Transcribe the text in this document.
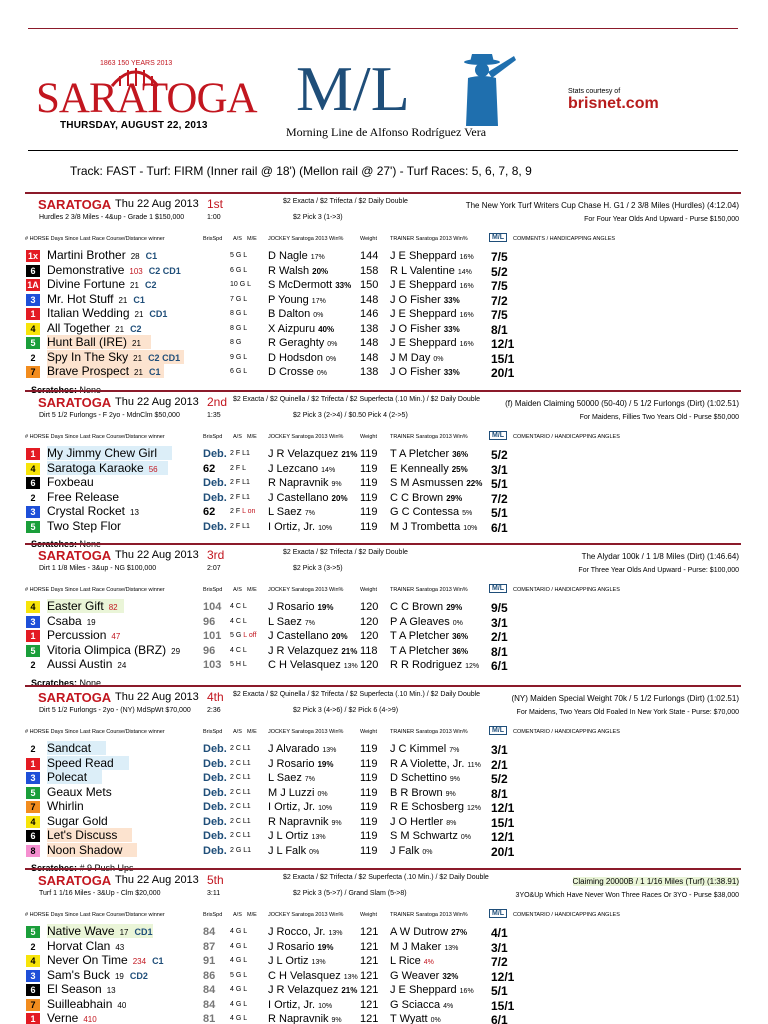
1863 150 YEARS 2013
SARATOGA
THURSDAY, AUGUST 22, 2013
M/L
Morning Line de Alfonso Rodríguez Vera
Stats courtesy of
brisnet.com
Track: FAST - Turf: FIRM (Inner rail @ 18') (Mellon rail @ 27') - Turf Races: 5, 6, 7, 8, 9
SARATOGA Thu 22 Aug 2013 1st
Hurdles 2 3/8 Miles - 4&up - Grade 1 $150,000	1:00
$2 Exacta / $2 Trifecta / $2 Daily Double
$2 Pick 3 (1->3)
The New York Turf Writers Cup Chase H. G1 / 2 3/8 Miles (Hurdles) (4:12.04)
For Four Year Olds And Upward - Purse $150,000
# HORSE Days Since Last Race Course/Distance winner	BrisSpd A/S M/E JOCKEY Saratoga 2013 Win%	Weight TRAINER Saratoga 2013 Win%	M/L	COMMENTS / HANDICAPPING ANGLES
1x Martini Brother 28 C1	5 G L D Nagle 17%	144 J E Sheppard 16% 7/5
6 Demonstrative 103 C2 CD1	6 G L R Walsh 20%	158 R L Valentine 14% 5/2
1A Divine Fortune 21 C2	10 G L S McDermott 33% 150 J E Sheppard 16% 7/5
3 Mr. Hot Stuff 21 C1	7 G L P Young 17%	148 J O Fisher 33%	7/2
1 Italian Wedding 21 CD1	8 G L B Dalton 0%	146 J E Sheppard 16% 7/5
4 All Together 21 C2	8 G L X Aizpuru 40% 138 J O Fisher 33%	8/1
5 Hunt Ball (IRE) 21	8 G R Geraghty 0% 148 J E Sheppard 16% 12/1
2 Spy In The Sky 21 C2 CD1	9 G L D Hodsdon 0% 148 J M Day 0%	15/1
7 Brave Prospect 21 C1	6 G L D Crosse 0%	138 J O Fisher 33%	20/1
Scratches: None
SARATOGA Thu 22 Aug 2013 2nd
Dirt 5 1/2 Furlongs - F 2yo - MdnClm $50,000	1:35
$2 Exacta / $2 Quinella / $2 Trifecta / $2 Superfecta (.10 Min.) / $2 Daily Double
$2 Pick 3 (2->4) / $0.50 Pick 4 (2->5)
(f) Maiden Claiming 50000 (50-40) / 5 1/2 Furlongs (Dirt) (1:02.51)
For Maidens, Fillies Two Years Old - Purse $50,000
# HORSE Days Since Last Race Course/Distance winner	BrisSpd A/S M/E JOCKEY Saratoga 2013 Win%	Weight TRAINER Saratoga 2013 Win%	M/L	COMENTARIO / HANDICAPPING ANGLES
1 My Jimmy Chew Girl	Deb. 2 F L1 J R Velazquez 21% 119 T A Pletcher 36% 5/2
4 Saratoga Karaoke 56	62 2 F L J Lezcano 14% 119 E Kenneally 25% 3/1
6 Foxbeau	Deb. 2 F L1 R Napravnik 9% 119 S M Asmussen 22% 5/1
2 Free Release	Deb. 2 F L1 J Castellano 20% 119 C C Brown 29% 7/2
3 Crystal Rocket 13	62 2 F L on L Saez 7%	119 G C Contessa 5% 5/1
5 Two Step Flor	Deb. 2 F L1 I Ortiz, Jr. 10%	119 M J Trombetta 10% 6/1
Scratches: None
SARATOGA Thu 22 Aug 2013 3rd
Dirt 1 1/8 Miles - 3&up - NG $100,000	2:07
$2 Exacta / $2 Trifecta / $2 Daily Double
$2 Pick 3 (3->5)
The Alydar 100k / 1 1/8 Miles (Dirt) (1:46.64)
For Three Year Olds And Upward - Purse: $100,000
# HORSE Days Since Last Race Course/Distance winner	BrisSpd A/S M/E JOCKEY Saratoga 2013 Win%	Weight TRAINER Saratoga 2013 Win%	M/L	COMENTARIO / HANDICAPPING ANGLES
4 Easter Gift 82	104 4 C L J Rosario 19% 120 C C Brown 29% 9/5
3 Csaba 19	96 4 C L L Saez 7%	120 P A Gleaves 0% 3/1
1 Percussion 47	101 5 G L off J Castellano 20% 120 T A Pletcher 36% 2/1
5 Vitoria Olimpica (BRZ) 29	96 4 C L J R Velazquez 21% 118 T A Pletcher 36% 8/1
2 Aussi Austin 24	103 5 H L C H Velasquez 13% 120 R R Rodriguez 12% 6/1
Scratches: None
SARATOGA Thu 22 Aug 2013 4th
Dirt 5 1/2 Furlongs - 2yo - (NY) MdSpWt $70,000 2:36
$2 Exacta / $2 Quinella / $2 Trifecta / $2 Superfecta (.10 Min.) / $2 Daily Double
$2 Pick 3 (4->6) / $2 Pick 6 (4->9)
(NY) Maiden Special Weight 70k / 5 1/2 Furlongs (Dirt) (1:02.51)
For Maidens, Two Years Old Foaled In New York State - Purse: $70,000
# HORSE Days Since Last Race Course/Distance winner	BrisSpd A/S M/E JOCKEY Saratoga 2013 Win%	Weight TRAINER Saratoga 2013 Win%	M/L	COMENTARIO / HANDICAPPING ANGLES
2 Sandcat	Deb. 2 C L1 J Alvarado 13% 119 J C Kimmel 7%	3/1
1 Speed Read	Deb. 2 C L1 J Rosario 19% 119 R A Violette, Jr. 11% 2/1
3 Polecat	Deb. 2 C L1 L Saez 7%	119 D Schettino 9%	5/2
5 Geaux Mets	Deb. 2 C L1 M J Luzzi 0%	119 B R Brown 9%	8/1
7 Whirlin	Deb. 2 C L1 I Ortiz, Jr. 10%	119 R E Schosberg 12% 12/1
4 Sugar Gold	Deb. 2 C L1 R Napravnik 9% 119 J O Hertler 8%	15/1
6 Let's Discuss	Deb. 2 C L1 J L Ortiz 13%	119 S M Schwartz 0% 12/1
8 Noon Shadow	Deb. 2 G L1 J L Falk 0%	119 J Falk 0%	20/1
Scratches: # 9 Push Ups
SARATOGA Thu 22 Aug 2013 5th
Turf 1 1/16 Miles - 3&Up - Clm $20,000	3:11
$2 Exacta / $2 Trifecta / $2 Superfecta (.10 Min.) / $2 Daily Double
$2 Pick 3 (5->7) / Grand Slam (5->8)
Claiming 20000B / 1 1/16 Miles (Turf) (1:38.91)
3YO&Up Which Have Never Won Three Races Or 3YO - Purse $38,000
# HORSE Days Since Last Race Course/Distance winner	BrisSpd A/S M/E JOCKEY Saratoga 2013 Win%	Weight TRAINER Saratoga 2013 Win%	M/L	COMENTARIO / HANDICAPPING ANGLES
5 Native Wave 17 CD1	84 4 G L J Rocco, Jr. 13% 121 A W Dutrow 27% 4/1
2 Horvat Clan 43	87 4 G L J Rosario 19% 121 M J Maker 13%	3/1
4 Never On Time 234 C1	91 4 G L J L Ortiz 13%	121 L Rice 4%	7/2
3 Sam's Buck 19 CD2	86 5 G L C H Velasquez 13% 121 G Weaver 32%	12/1
6 El Season 13	84 4 G L J R Velazquez 21% 121 J E Sheppard 16% 5/1
7 Suilleabhain 40	84 4 G L I Ortiz, Jr. 10%	121 G Sciacca 4%	15/1
1 Verne 410	81 4 G L R Napravnik 9% 121 T Wyatt 0%	6/1
